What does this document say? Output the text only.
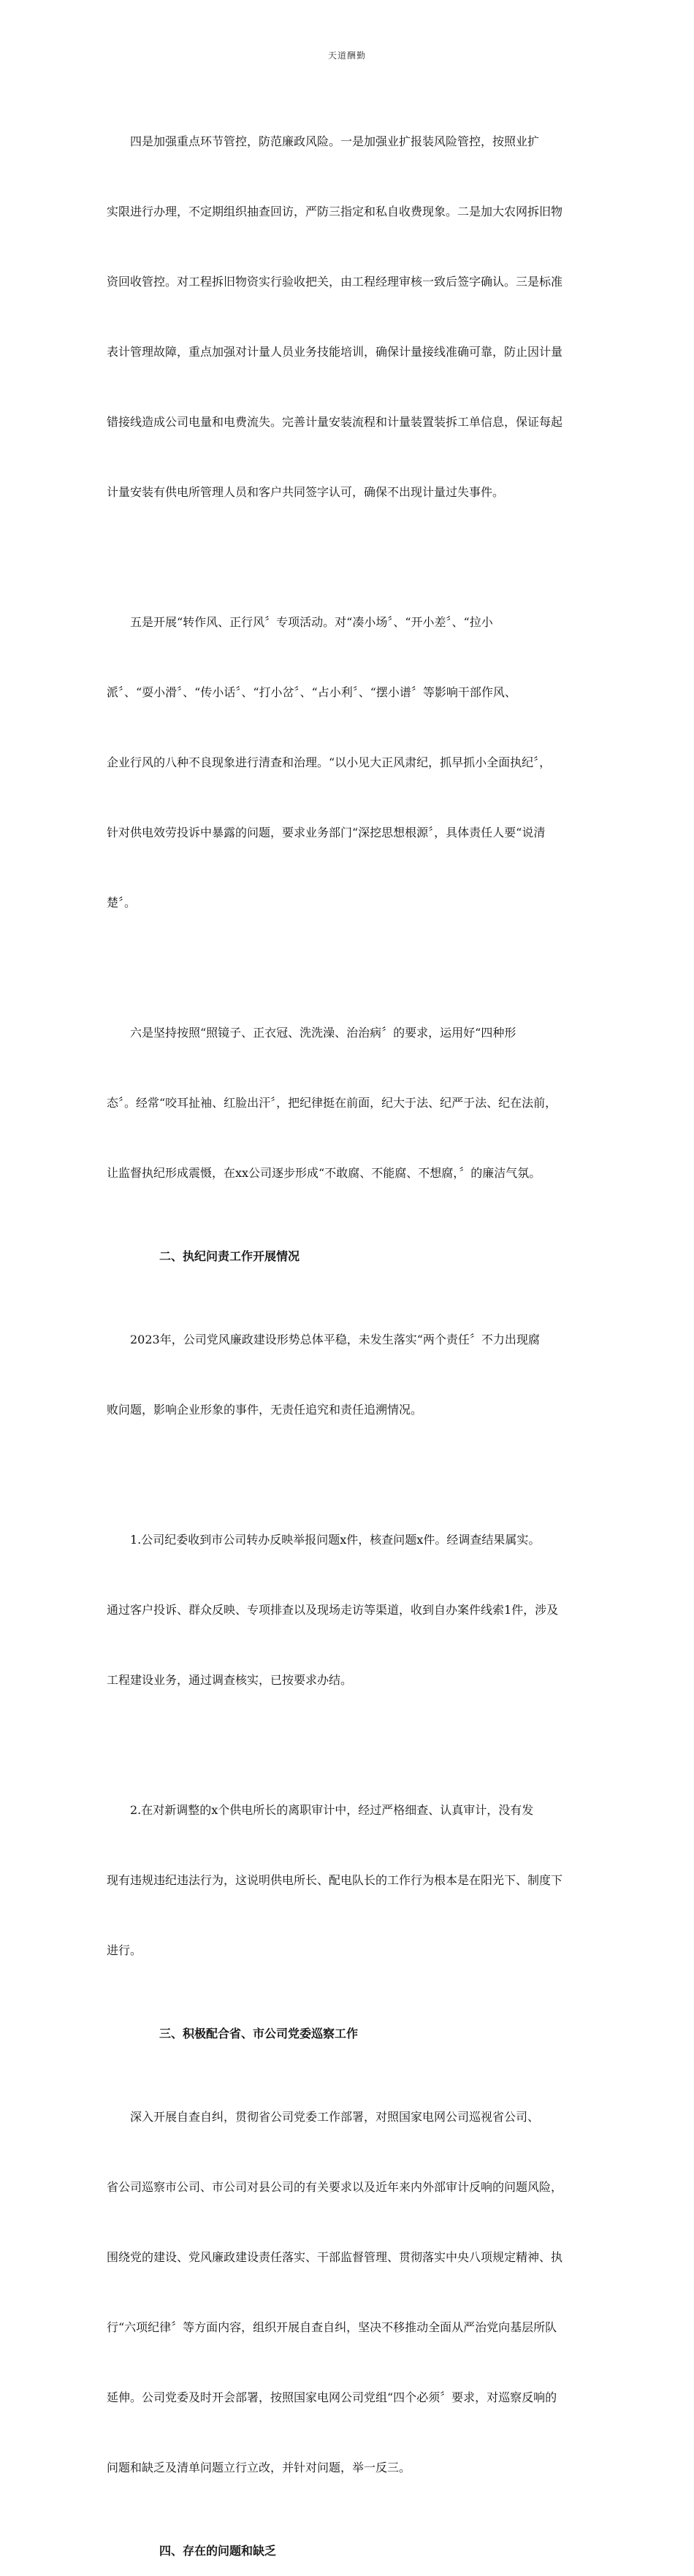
天道酬勤

四是加强重点环节管控，防范廉政风险。一是加强业扩报装风险管控，按照业扩

实限进行办理，不定期组织抽查回访，严防三指定和私自收费现象。二是加大农网拆旧物

资回收管控。对工程拆旧物资实行验收把关，由工程经理审核一致后签字确认。三是标准

表计管理故障，重点加强对计量人员业务技能培训，确保计量接线准确可靠，防止因计量

错接线造成公司电量和电费流失。完善计量安装流程和计量装置装拆工单信息，保证每起

计量安装有供电所管理人员和客户共同签字认可，确保不出现计量过失事件。

五是开展“转作风、正行风〞专项活动。对“凑小场〞、“开小差〞、“拉小

派〞、“耍小滑〞、“传小话〞、“打小岔〞、“占小利〞、“摆小谱〞等影响干部作风、

企业行风的八种不良现象进行清查和治理。“以小见大正风肃纪，抓早抓小全面执纪〞，

针对供电效劳投诉中暴露的问题，要求业务部门“深挖思想根源〞，具体责任人要“说清

楚〞。

六是坚持按照“照镜子、正衣冠、洗洗澡、治治病〞的要求，运用好“四种形

态〞。经常“咬耳扯袖、红脸出汗〞，把纪律挺在前面，纪大于法、纪严于法、纪在法前，

让监督执纪形成震慑，在xx公司逐步形成“不敢腐、不能腐、不想腐，〞的廉洁气氛。

二、执纪问责工作开展情况

2023年，公司党风廉政建设形势总体平稳，未发生落实“两个责任〞不力出现腐

败问题，影响企业形象的事件，无责任追究和责任追溯情况。

1.公司纪委收到市公司转办反映举报问题x件，核查问题x件。经调查结果属实。

通过客户投诉、群众反映、专项排查以及现场走访等渠道，收到自办案件线索1件，涉及

工程建设业务，通过调查核实，已按要求办结。

2.在对新调整的x个供电所长的离职审计中，经过严格细查、认真审计，没有发

现有违规违纪违法行为，这说明供电所长、配电队长的工作行为根本是在阳光下、制度下

进行。

三、积极配合省、市公司党委巡察工作

深入开展自查自纠，贯彻省公司党委工作部署，对照国家电网公司巡视省公司、

省公司巡察市公司、市公司对县公司的有关要求以及近年来内外部审计反响的问题风险，

围绕党的建设、党风廉政建设责任落实、干部监督管理、贯彻落实中央八项规定精神、执

行“六项纪律〞等方面内容，组织开展自查自纠，坚决不移推动全面从严治党向基层所队

延伸。公司党委及时开会部署，按照国家电网公司党组“四个必须〞要求，对巡察反响的

问题和缺乏及清单问题立行立改，并针对问题，举一反三。

四、存在的问题和缺乏
